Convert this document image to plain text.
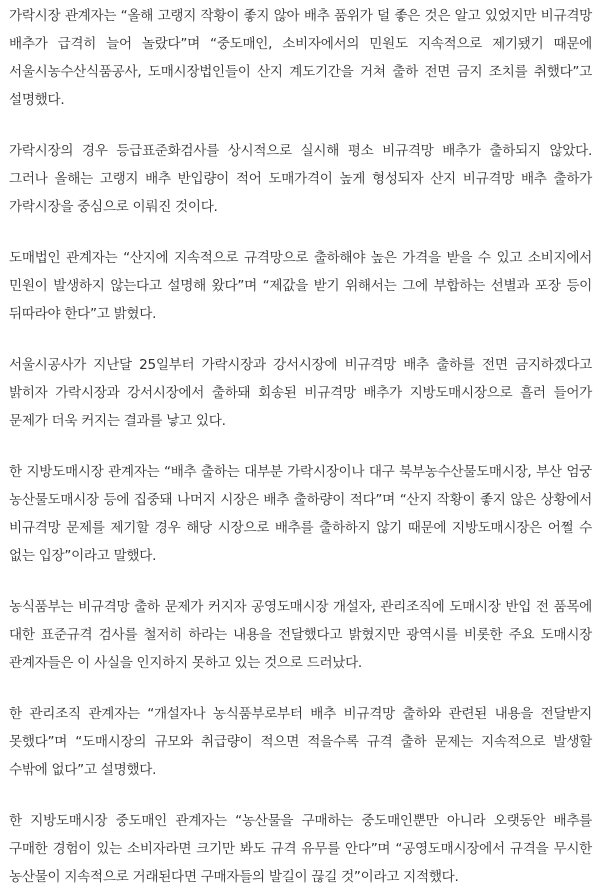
가락시장 관계자는 “올해 고랭지 작황이 좋지 않아 배추 품위가 덜 좋은 것은 알고 있었지만 비규격망 배추가 급격히 늘어 놀랐다”며 “중도매인, 소비자에서의 민원도 지속적으로 제기됐기 때문에 서울시농수산식품공사, 도매시장법인들이 산지 계도기간을 거쳐 출하 전면 금지 조치를 취했다”고 설명했다.

가락시장의 경우 등급표준화검사를 상시적으로 실시해 평소 비규격망 배추가 출하되지 않았다. 그러나 올해는 고랭지 배추 반입량이 적어 도매가격이 높게 형성되자 산지 비규격망 배추 출하가 가락시장을 중심으로 이뤄진 것이다.

도매법인 관계자는 “산지에 지속적으로 규격망으로 출하해야 높은 가격을 받을 수 있고 소비지에서 민원이 발생하지 않는다고 설명해 왔다”며 “제값을 받기 위해서는 그에 부합하는 선별과 포장 등이 뒤따라야 한다”고 밝혔다.

서울시공사가 지난달 25일부터 가락시장과 강서시장에 비규격망 배추 출하를 전면 금지하겠다고 밝히자 가락시장과 강서시장에서 출하돼 회송된 비규격망 배추가 지방도매시장으로 흘러 들어가 문제가 더욱 커지는 결과를 낳고 있다.

한 지방도매시장 관계자는 “배추 출하는 대부분 가락시장이나 대구 북부농수산물도매시장, 부산 엄궁 농산물도매시장 등에 집중돼 나머지 시장은 배추 출하량이 적다”며 “산지 작황이 좋지 않은 상황에서 비규격망 문제를 제기할 경우 해당 시장으로 배추를 출하하지 않기 때문에 지방도매시장은 어쩔 수 없는 입장”이라고 말했다.

농식품부는 비규격망 출하 문제가 커지자 공영도매시장 개설자, 관리조직에 도매시장 반입 전 품목에 대한 표준규격 검사를 철저히 하라는 내용을 전달했다고 밝혔지만 광역시를 비롯한 주요 도매시장 관계자들은 이 사실을 인지하지 못하고 있는 것으로 드러났다.

한 관리조직 관계자는 “개설자나 농식품부로부터 배추 비규격망 출하와 관련된 내용을 전달받지 못했다”며 “도매시장의 규모와 취급량이 적으면 적을수록 규격 출하 문제는 지속적으로 발생할 수밖에 없다”고 설명했다.

한 지방도매시장 중도매인 관계자는 “농산물을 구매하는 중도매인뿐만 아니라 오랫동안 배추를 구매한 경험이 있는 소비자라면 크기만 봐도 규격 유무를 안다”며 “공영도매시장에서 규격을 무시한 농산물이 지속적으로 거래된다면 구매자들의 발길이 끊길 것”이라고 지적했다.
